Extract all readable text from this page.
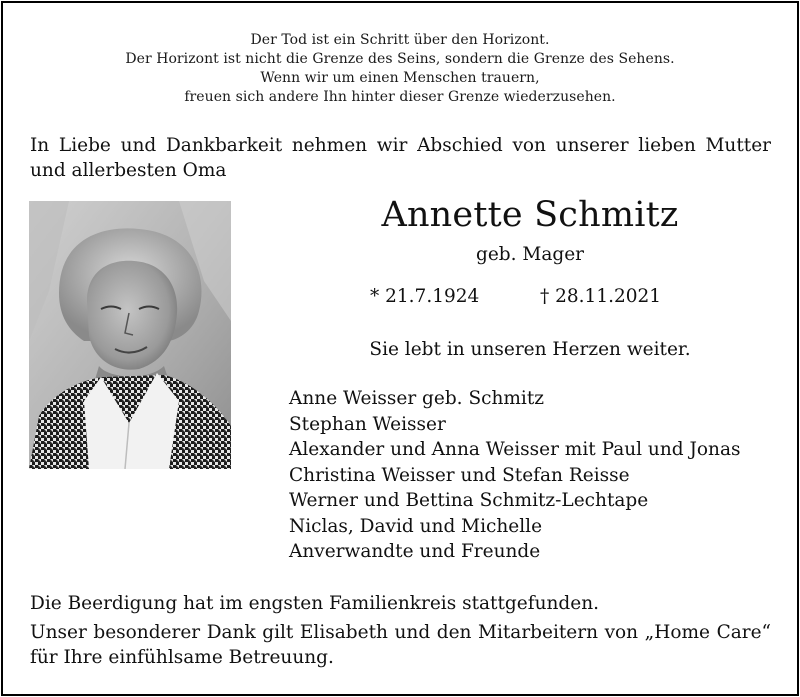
Der Tod ist ein Schritt über den Horizont.
Der Horizont ist nicht die Grenze des Seins, sondern die Grenze des Sehens.
Wenn wir um einen Menschen trauern,
freuen sich andere Ihn hinter dieser Grenze wiederzusehen.
In Liebe und Dankbarkeit nehmen wir Abschied von unserer lieben Mutter und allerbesten Oma
Annette Schmitz
geb. Mager
* 21.7.1924	† 28.11.2021
Sie lebt in unseren Herzen weiter.
Anne Weisser geb. Schmitz
Stephan Weisser
Alexander und Anna Weisser mit Paul und Jonas
Christina Weisser und Stefan Reisse
Werner und Bettina Schmitz-Lechtape
Niclas, David und Michelle
Anverwandte und Freunde
Die Beerdigung hat im engsten Familienkreis stattgefunden.
Unser besonderer Dank gilt Elisabeth und den Mitarbeitern von „Home Care“ für Ihre einfühlsame Betreuung.
